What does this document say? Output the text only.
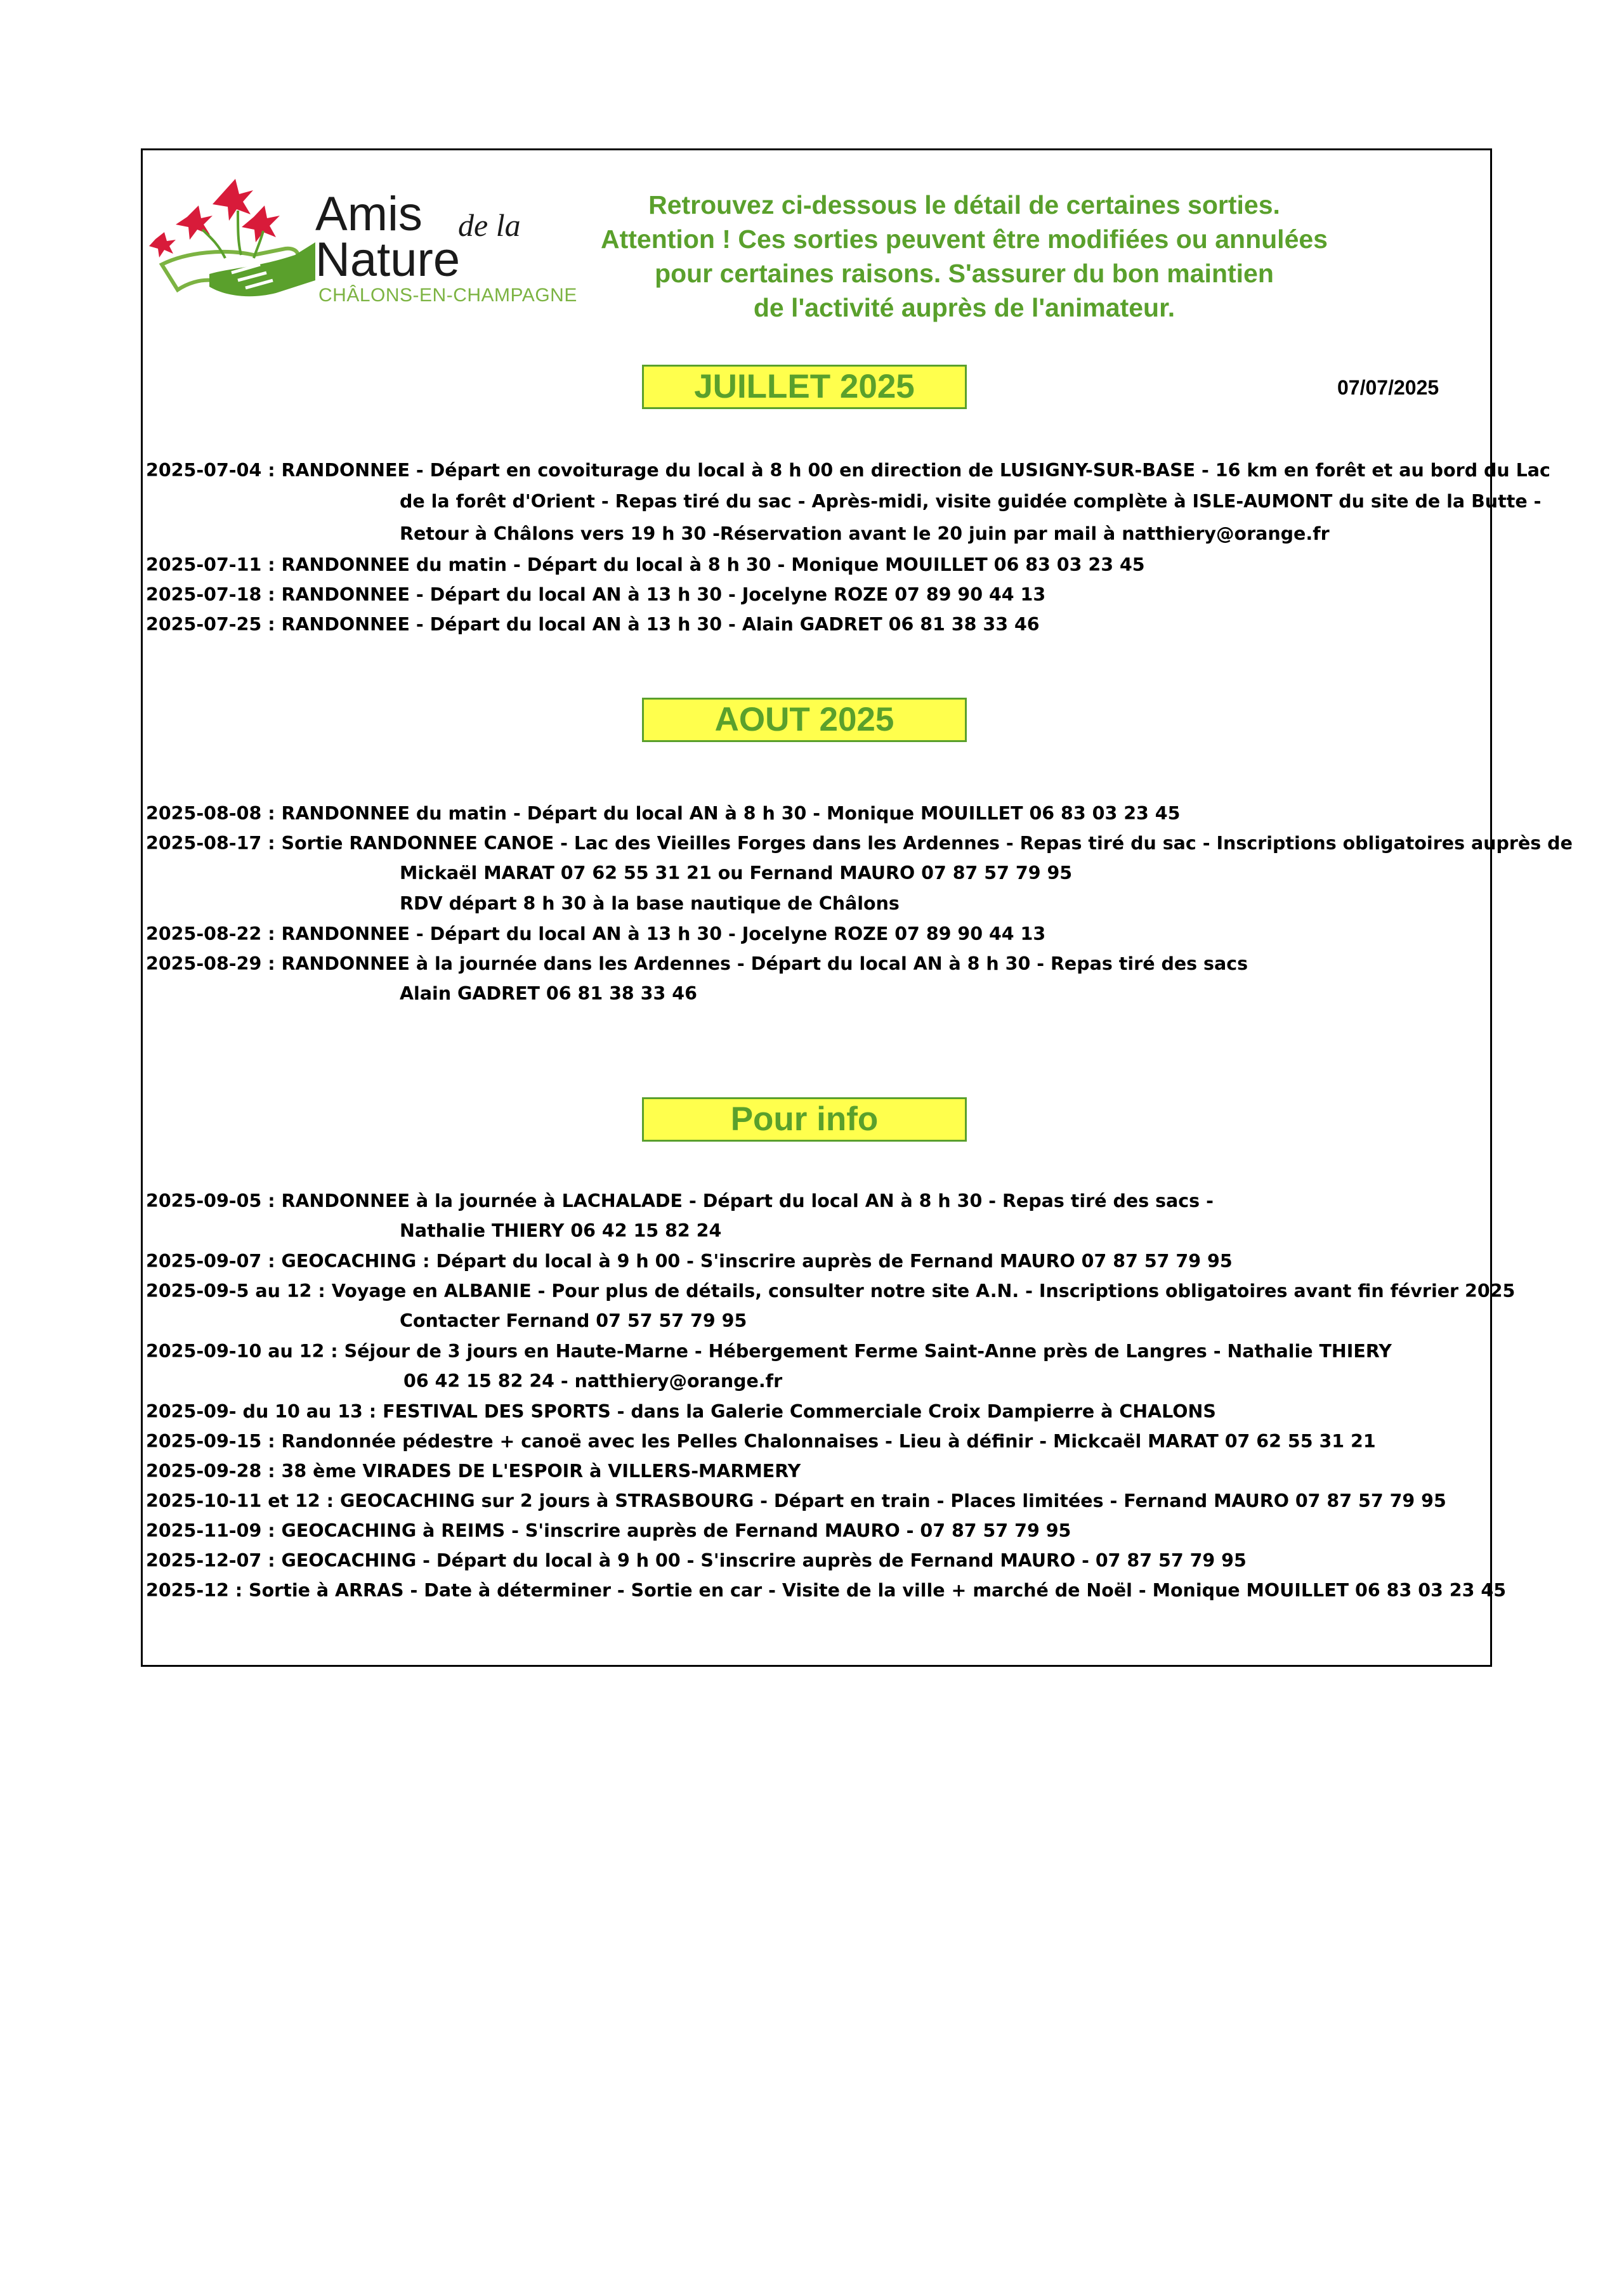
Amis de la
Nature
CHÂLONS-EN-CHAMPAGNE
Retrouvez ci-dessous le détail de certaines sorties.
Attention ! Ces sorties peuvent être modifiées ou annulées
pour certaines raisons. S'assurer du bon maintien
de l'activité auprès de l'animateur.
JUILLET 2025	07/07/2025
2025-07-04 : RANDONNEE - Départ en covoiturage du local à 8 h 00 en direction de LUSIGNY-SUR-BASE - 16 km en forêt et au bord du Lac
de la forêt d'Orient - Repas tiré du sac - Après-midi, visite guidée complète à ISLE-AUMONT du site de la Butte -
Retour à Châlons vers 19 h 30 -Réservation avant le 20 juin par mail à natthiery@orange.fr
2025-07-11 : RANDONNEE du matin - Départ du local à 8 h 30 - Monique MOUILLET 06 83 03 23 45
2025-07-18 : RANDONNEE - Départ du local AN à 13 h 30 - Jocelyne ROZE 07 89 90 44 13
2025-07-25 : RANDONNEE - Départ du local AN à 13 h 30 - Alain GADRET 06 81 38 33 46
AOUT 2025
2025-08-08 : RANDONNEE du matin - Départ du local AN à 8 h 30 - Monique MOUILLET 06 83 03 23 45
2025-08-17 : Sortie RANDONNEE CANOE - Lac des Vieilles Forges dans les Ardennes - Repas tiré du sac - Inscriptions obligatoires auprès de
Mickaël MARAT 07 62 55 31 21 ou Fernand MAURO 07 87 57 79 95
RDV départ 8 h 30 à la base nautique de Châlons
2025-08-22 : RANDONNEE - Départ du local AN à 13 h 30 - Jocelyne ROZE 07 89 90 44 13
2025-08-29 : RANDONNEE à la journée dans les Ardennes - Départ du local AN à 8 h 30 - Repas tiré des sacs
Alain GADRET 06 81 38 33 46
Pour info
2025-09-05 : RANDONNEE à la journée à LACHALADE - Départ du local AN à 8 h 30 - Repas tiré des sacs -
Nathalie THIERY 06 42 15 82 24
2025-09-07 : GEOCACHING : Départ du local à 9 h 00 - S'inscrire auprès de Fernand MAURO 07 87 57 79 95
2025-09-5 au 12 : Voyage en ALBANIE - Pour plus de détails, consulter notre site A.N. - Inscriptions obligatoires avant fin février 2025
Contacter Fernand 07 57 57 79 95
2025-09-10 au 12 : Séjour de 3 jours en Haute-Marne - Hébergement Ferme Saint-Anne près de Langres - Nathalie THIERY
06 42 15 82 24 - natthiery@orange.fr
2025-09- du 10 au 13 : FESTIVAL DES SPORTS - dans la Galerie Commerciale Croix Dampierre à CHALONS
2025-09-15 : Randonnée pédestre + canoë avec les Pelles Chalonnaises - Lieu à définir - Mickcaël MARAT 07 62 55 31 21
2025-09-28 : 38 ème VIRADES DE L'ESPOIR à VILLERS-MARMERY
2025-10-11 et 12 : GEOCACHING sur 2 jours à STRASBOURG - Départ en train - Places limitées - Fernand MAURO 07 87 57 79 95
2025-11-09 : GEOCACHING à REIMS - S'inscrire auprès de Fernand MAURO - 07 87 57 79 95
2025-12-07 : GEOCACHING - Départ du local à 9 h 00 - S'inscrire auprès de Fernand MAURO - 07 87 57 79 95
2025-12 : Sortie à ARRAS - Date à déterminer - Sortie en car - Visite de la ville + marché de Noël - Monique MOUILLET 06 83 03 23 45
